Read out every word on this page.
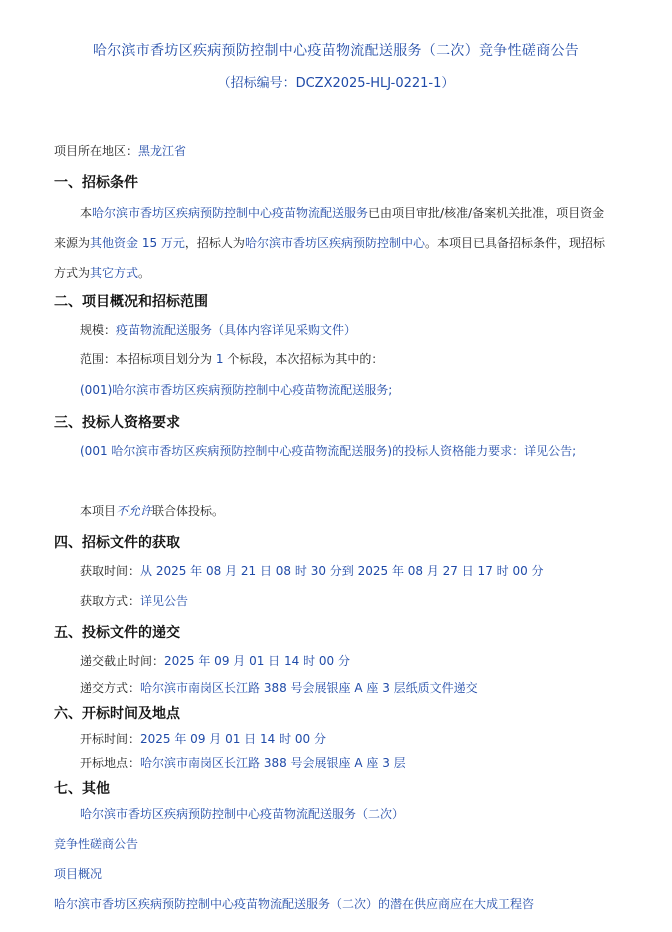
哈尔滨市香坊区疾病预防控制中心疫苗物流配送服务（二次）竞争性磋商公告
（招标编号：DCZX2025-HLJ-0221-1）
项目所在地区：黑龙江省
一、招标条件
本哈尔滨市香坊区疾病预防控制中心疫苗物流配送服务已由项目审批/核准/备案机关批准，项目资金来源为其他资金 15 万元，招标人为哈尔滨市香坊区疾病预防控制中心。本项目已具备招标条件，现招标方式为其它方式。
二、项目概况和招标范围
规模：疫苗物流配送服务（具体内容详见采购文件）
范围：本招标项目划分为 1 个标段，本次招标为其中的：
(001)哈尔滨市香坊区疾病预防控制中心疫苗物流配送服务;
三、投标人资格要求
(001 哈尔滨市香坊区疾病预防控制中心疫苗物流配送服务)的投标人资格能力要求：详见公告;
本项目不允许联合体投标。
四、招标文件的获取
获取时间：从 2025 年 08 月 21 日 08 时 30 分到 2025 年 08 月 27 日 17 时 00 分
获取方式：详见公告
五、投标文件的递交
递交截止时间：2025 年 09 月 01 日 14 时 00 分
递交方式：哈尔滨市南岗区长江路 388 号会展银座 A 座 3 层纸质文件递交
六、开标时间及地点
开标时间：2025 年 09 月 01 日 14 时 00 分
开标地点：哈尔滨市南岗区长江路 388 号会展银座 A 座 3 层
七、其他
哈尔滨市香坊区疾病预防控制中心疫苗物流配送服务（二次）
竞争性磋商公告
项目概况
哈尔滨市香坊区疾病预防控制中心疫苗物流配送服务（二次）的潜在供应商应在大成工程咨
